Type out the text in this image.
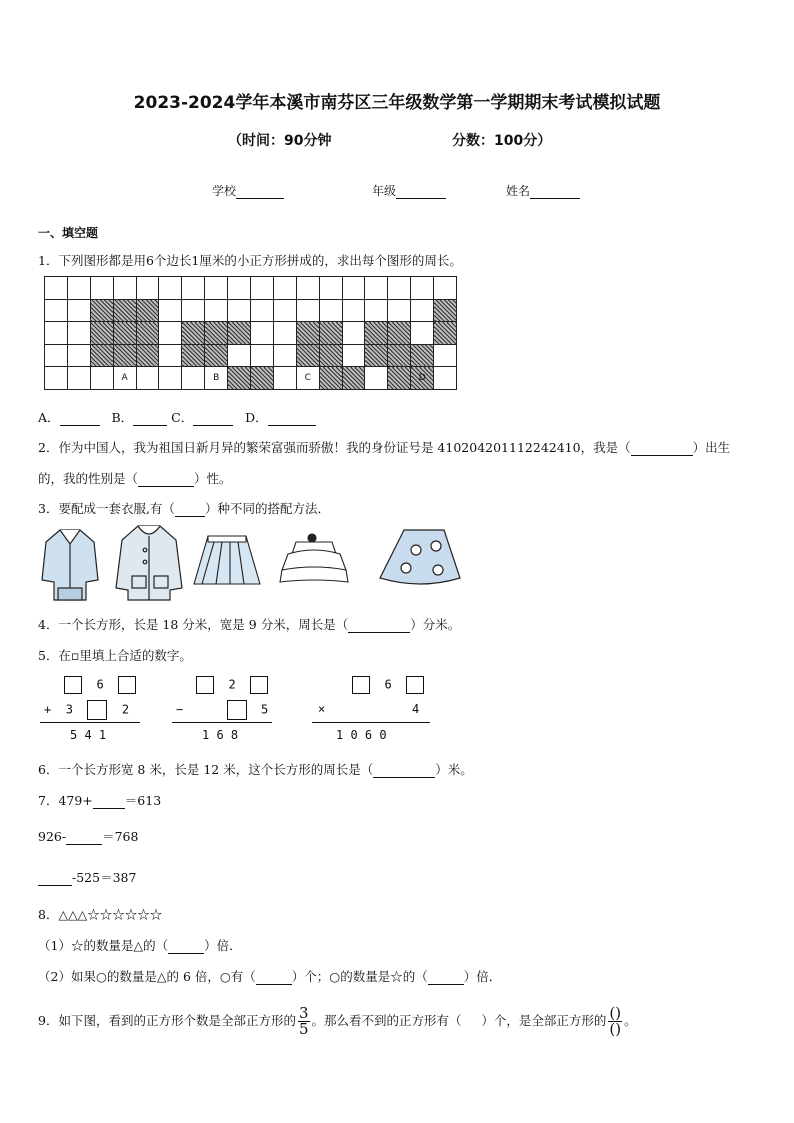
2023-2024学年本溪市南芬区三年级数学第一学期期末考试模拟试题
（时间：90分钟	分数：100分）
学校	年级	姓名
一、填空题
1．下列图形都是用6个边长1厘米的小正方形拼成的，求出每个图形的周长。

			A				B				C					D	
A．	B．	C．	D．
2．作为中国人，我为祖国日新月异的繁荣富强而骄傲！我的身份证号是 410204201112242410，我是（	）出生
的，我的性别是（	）性。
3．要配成一套衣服,有（ ）种不同的搭配方法．
4．一个长方形，长是 18 分米，宽是 9 分米，周长是（	）分米。
5．在▫里填上合适的数字。
6
+ 3	2
5 4 1
2
−	5
1 6 8
6
×	4
1 0 6 0
6．一个长方形宽 8 米，长是 12 米，这个长方形的周长是（	）米。
7．479+	＝613
926-	＝768
-525＝387
8．△△△☆☆☆☆☆☆
（1）☆的数量是△的（	）倍．
（2）如果○的数量是△的 6 倍，○有（	）个；○的数量是☆的（	）倍．
9．如下图，看到的正方形个数是全部正方形的 $\frac{3}{5}$ 。那么看不到的正方形有（ ）个，是全部正方形的 $\frac{()}{()}$ 。
